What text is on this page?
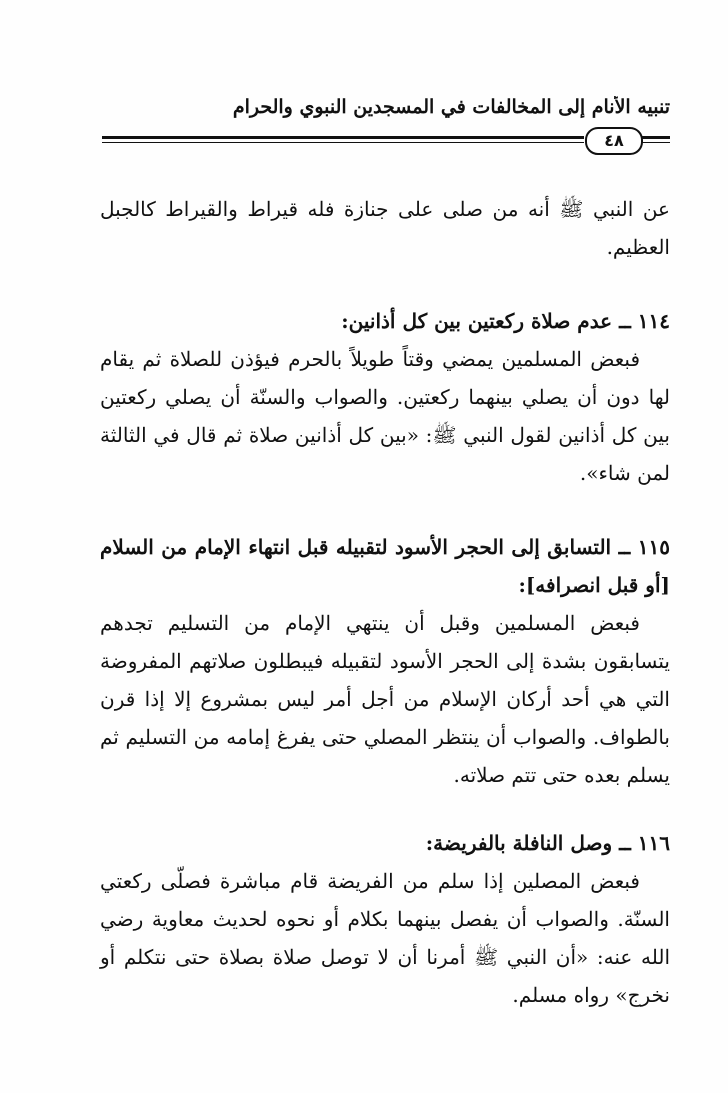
تنبيه الأنام إلى المخالفات في المسجدين النبوي والحرام
٤٨

عن النبي ﷺ أنه من صلى على جنازة فله قيراط والقيراط كالجبل العظيم.

١١٤ ــ عدم صلاة ركعتين بين كل أذانين:

فبعض المسلمين يمضي وقتاً طويلاً بالحرم فيؤذن للصلاة ثم يقام لها دون أن يصلي بينهما ركعتين. والصواب والسنّة أن يصلي ركعتين بين كل أذانين لقول النبي ﷺ: «بين كل أذانين صلاة ثم قال في الثالثة لمن شاء».

١١٥ ــ التسابق إلى الحجر الأسود لتقبيله قبل انتهاء الإمام من السلام [أو قبل انصرافه]:

فبعض المسلمين وقبل أن ينتهي الإمام من التسليم تجدهم يتسابقون بشدة إلى الحجر الأسود لتقبيله فيبطلون صلاتهم المفروضة التي هي أحد أركان الإسلام من أجل أمر ليس بمشروع إلا إذا قرن بالطواف. والصواب أن ينتظر المصلي حتى يفرغ إمامه من التسليم ثم يسلم بعده حتى تتم صلاته.

١١٦ ــ وصل النافلة بالفريضة:

فبعض المصلين إذا سلم من الفريضة قام مباشرة فصلّى ركعتي السنّة. والصواب أن يفصل بينهما بكلام أو نحوه لحديث معاوية رضي الله عنه: «أن النبي ﷺ أمرنا أن لا توصل صلاة بصلاة حتى نتكلم أو نخرج» رواه مسلم.
